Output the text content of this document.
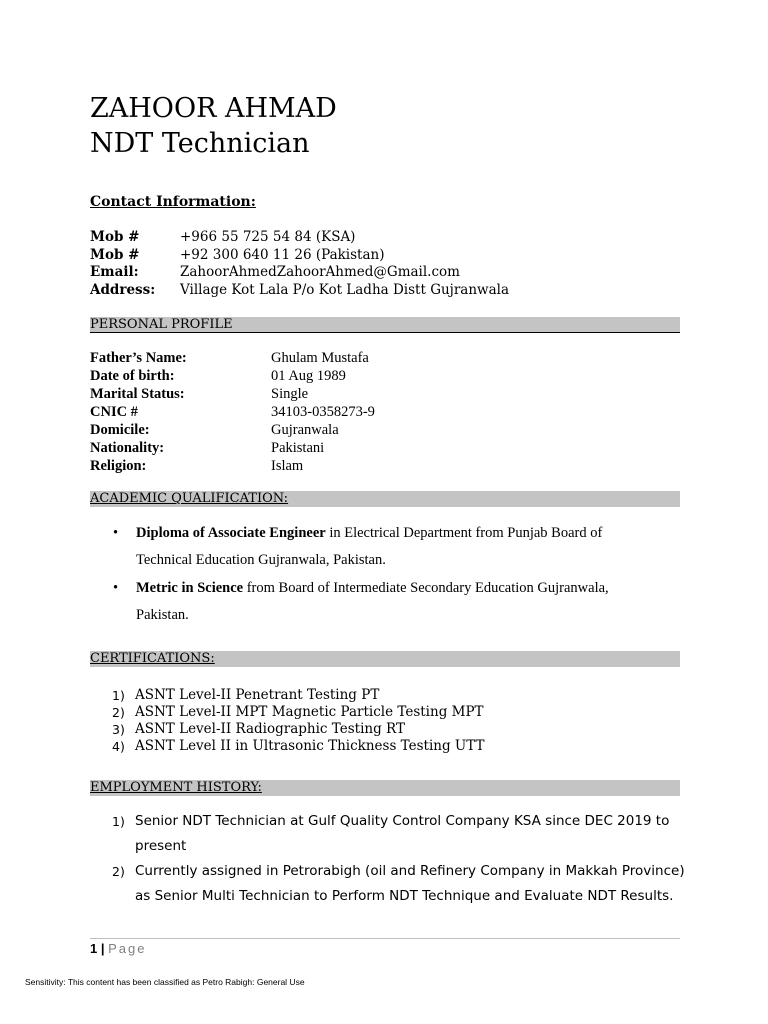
ZAHOOR AHMAD
NDT Technician
Contact Information:
Mob #	+966 55 725 54 84 (KSA)
Mob #	+92 300 640 11 26 (Pakistan)
Email:	ZahoorAhmedZahoorAhmed@Gmail.com
Address: Village Kot Lala P/o Kot Ladha Distt Gujranwala
PERSONAL PROFILE
Father’s Name:	Ghulam Mustafa
Date of birth:	01 Aug 1989
Marital Status:	Single
CNIC #	34103-0358273-9
Domicile:	Gujranwala
Nationality:	Pakistani
Religion:	Islam
ACADEMIC QUALIFICATION:
• Diploma of Associate Engineer in Electrical Department from Punjab Board of Technical Education Gujranwala, Pakistan.
• Metric in Science from Board of Intermediate Secondary Education Gujranwala, Pakistan.
CERTIFICATIONS:
1) ASNT Level-II Penetrant Testing PT
2) ASNT Level-II MPT Magnetic Particle Testing MPT
3) ASNT Level-II Radiographic Testing RT
4) ASNT Level II in Ultrasonic Thickness Testing UTT
EMPLOYMENT HISTORY:
1) Senior NDT Technician at Gulf Quality Control Company KSA since DEC 2019 to present
2) Currently assigned in Petrorabigh (oil and Refinery Company in Makkah Province) as Senior Multi Technician to Perform NDT Technique and Evaluate NDT Results.
1 | Page
Sensitivity: This content has been classified as Petro Rabigh: General Use
